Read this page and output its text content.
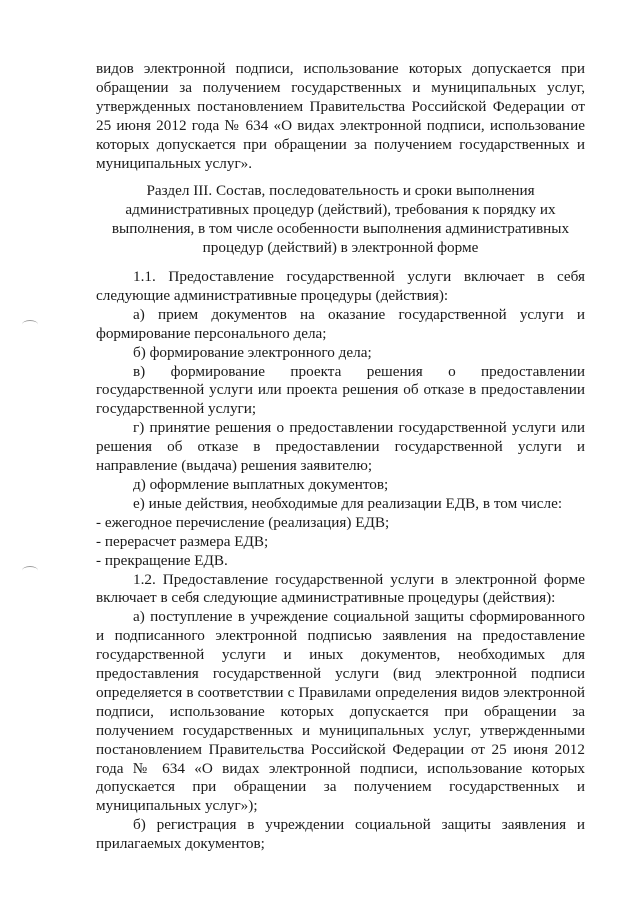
видов электронной подписи, использование которых допускается при обращении за получением государственных и муниципальных услуг, утвержденных постановлением Правительства Российской Федерации от 25 июня 2012 года № 634 «О видах электронной подписи, использование которых допускается при обращении за получением государственных и муниципальных услуг».

Раздел III. Состав, последовательность и сроки выполнения
административных процедур (действий), требования к порядку их
выполнения, в том числе особенности выполнения административных
процедур (действий) в электронной форме

1.1. Предоставление государственной услуги включает в себя следующие административные процедуры (действия):

а) прием документов на оказание государственной услуги и формирование персонального дела;

б) формирование электронного дела;

в) формирование проекта решения о предоставлении государственной услуги или проекта решения об отказе в предоставлении государственной услуги;

г) принятие решения о предоставлении государственной услуги или решения об отказе в предоставлении государственной услуги и направление (выдача) решения заявителю;

д) оформление выплатных документов;

е) иные действия, необходимые для реализации ЕДВ, в том числе:

- ежегодное перечисление (реализация) ЕДВ;

- перерасчет размера ЕДВ;

- прекращение ЕДВ.

1.2. Предоставление государственной услуги в электронной форме включает в себя следующие административные процедуры (действия):

а) поступление в учреждение социальной защиты сформированного и подписанного электронной подписью заявления на предоставление государственной услуги и иных документов, необходимых для предоставления государственной услуги (вид электронной подписи определяется в соответствии с Правилами определения видов электронной подписи, использование которых допускается при обращении за получением государственных и муниципальных услуг, утвержденными постановлением Правительства Российской Федерации от 25 июня 2012 года № 634 «О видах электронной подписи, использование которых допускается при обращении за получением государственных и муниципальных услуг»);

б) регистрация в учреждении социальной защиты заявления и прилагаемых документов;
